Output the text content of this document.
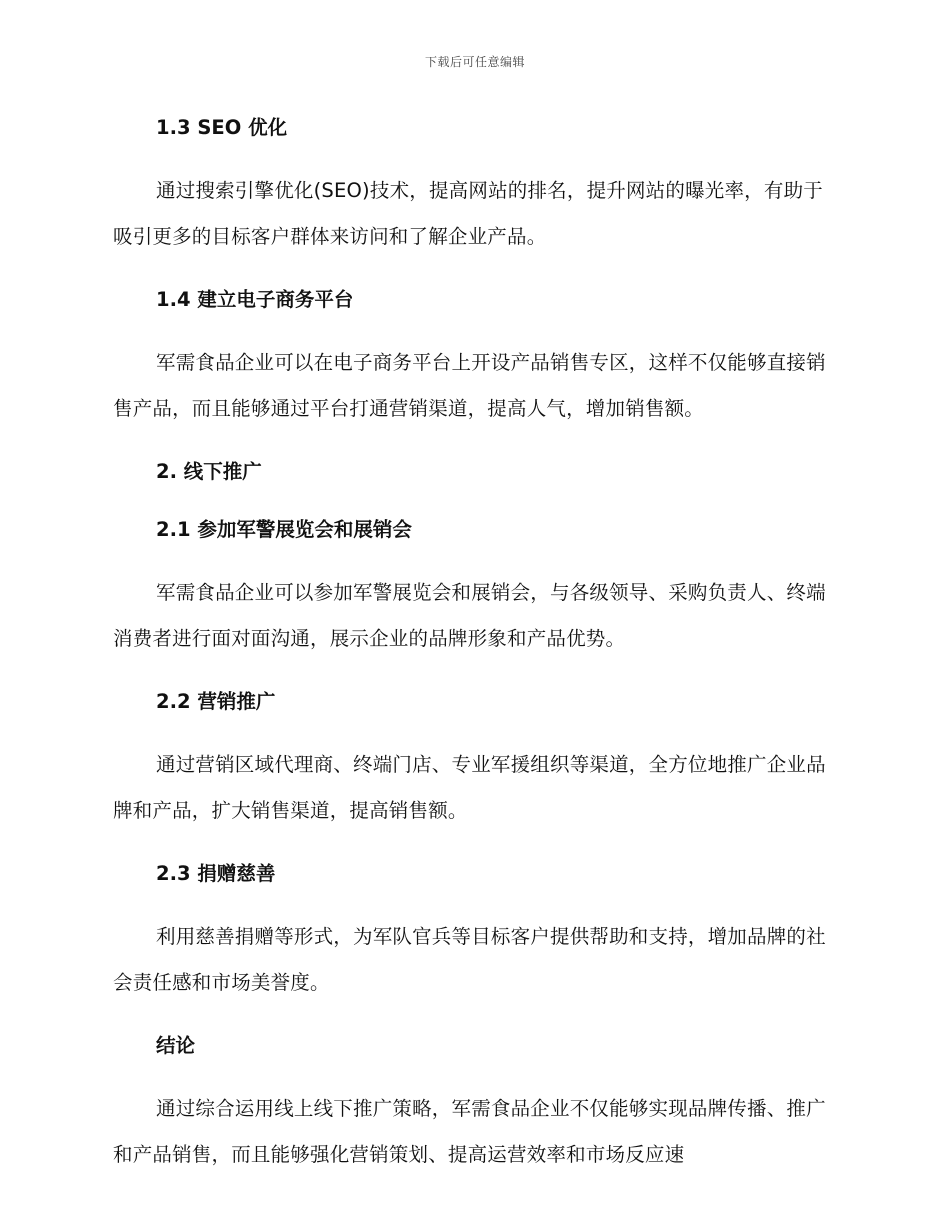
下载后可任意编辑
1.3 SEO 优化

通过搜索引擎优化(SEO)技术，提高网站的排名，提升网站的曝光率，有助于吸引更多的目标客户群体来访问和了解企业产品。

1.4 建立电子商务平台

军需食品企业可以在电子商务平台上开设产品销售专区，这样不仅能够直接销售产品，而且能够通过平台打通营销渠道，提高人气，增加销售额。

2. 线下推广
2.1 参加军警展览会和展销会

军需食品企业可以参加军警展览会和展销会，与各级领导、采购负责人、终端消费者进行面对面沟通，展示企业的品牌形象和产品优势。

2.2 营销推广

通过营销区域代理商、终端门店、专业军援组织等渠道，全方位地推广企业品牌和产品，扩大销售渠道，提高销售额。

2.3 捐赠慈善

利用慈善捐赠等形式，为军队官兵等目标客户提供帮助和支持，增加品牌的社会责任感和市场美誉度。

结论

通过综合运用线上线下推广策略，军需食品企业不仅能够实现品牌传播、推广和产品销售，而且能够强化营销策划、提高运营效率和市场反应速
